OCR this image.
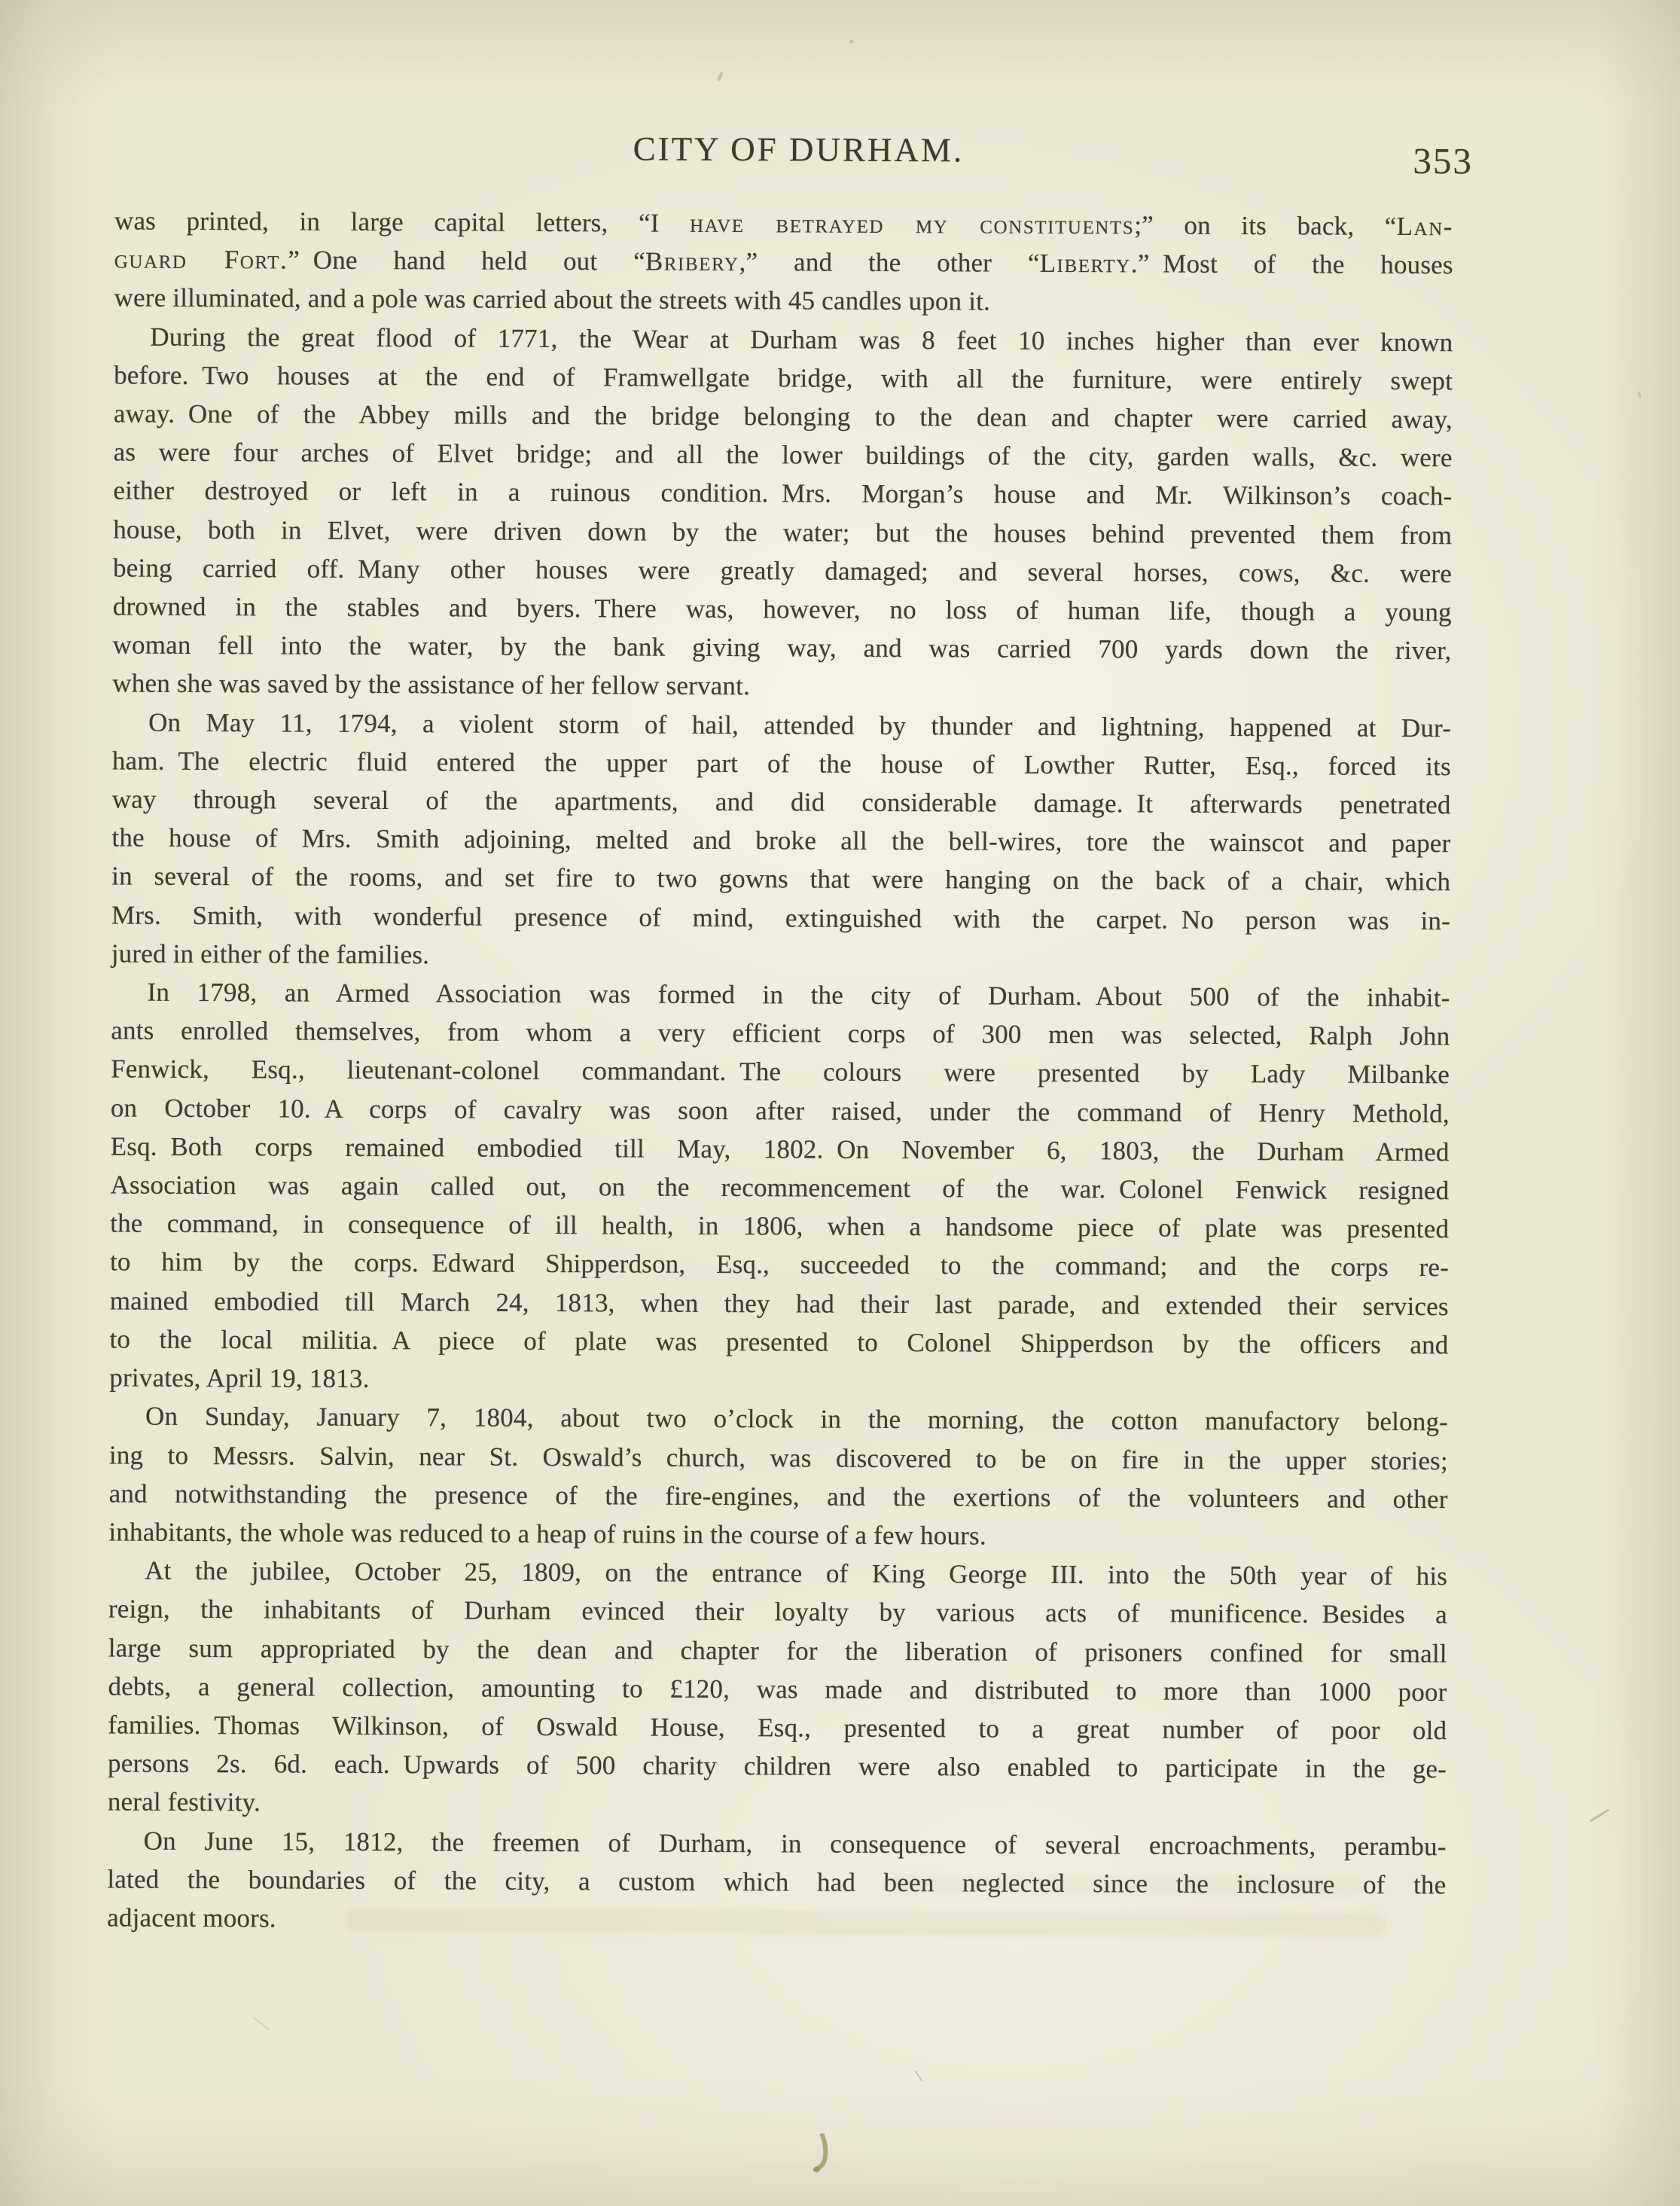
CITY OF DURHAM.	353
was printed, in large capital letters, “I have betrayed my constituents;” on its back, “Lan-
guard Fort.” One hand held out “Bribery,” and the other “Liberty.” Most of the houses
were illuminated, and a pole was carried about the streets with 45 candles upon it.
During the great flood of 1771, the Wear at Durham was 8 feet 10 inches higher than ever known
before. Two houses at the end of Framwellgate bridge, with all the furniture, were entirely swept
away. One of the Abbey mills and the bridge belonging to the dean and chapter were carried away,
as were four arches of Elvet bridge; and all the lower buildings of the city, garden walls, &c. were
either destroyed or left in a ruinous condition. Mrs. Morgan’s house and Mr. Wilkinson’s coach-
house, both in Elvet, were driven down by the water; but the houses behind prevented them from
being carried off. Many other houses were greatly damaged; and several horses, cows, &c. were
drowned in the stables and byers. There was, however, no loss of human life, though a young
woman fell into the water, by the bank giving way, and was carried 700 yards down the river,
when she was saved by the assistance of her fellow servant.
On May 11, 1794, a violent storm of hail, attended by thunder and lightning, happened at Dur-
ham. The electric fluid entered the upper part of the house of Lowther Rutter, Esq., forced its
way through several of the apartments, and did considerable damage. It afterwards penetrated
the house of Mrs. Smith adjoining, melted and broke all the bell-wires, tore the wainscot and paper
in several of the rooms, and set fire to two gowns that were hanging on the back of a chair, which
Mrs. Smith, with wonderful presence of mind, extinguished with the carpet. No person was in-
jured in either of the families.
In 1798, an Armed Association was formed in the city of Durham. About 500 of the inhabit-
ants enrolled themselves, from whom a very efficient corps of 300 men was selected, Ralph John
Fenwick, Esq., lieutenant-colonel commandant. The colours were presented by Lady Milbanke
on October 10. A corps of cavalry was soon after raised, under the command of Henry Methold,
Esq. Both corps remained embodied till May, 1802. On November 6, 1803, the Durham Armed
Association was again called out, on the recommencement of the war. Colonel Fenwick resigned
the command, in consequence of ill health, in 1806, when a handsome piece of plate was presented
to him by the corps. Edward Shipperdson, Esq., succeeded to the command; and the corps re-
mained embodied till March 24, 1813, when they had their last parade, and extended their services
to the local militia. A piece of plate was presented to Colonel Shipperdson by the officers and
privates, April 19, 1813.
On Sunday, January 7, 1804, about two o’clock in the morning, the cotton manufactory belong-
ing to Messrs. Salvin, near St. Oswald’s church, was discovered to be on fire in the upper stories;
and notwithstanding the presence of the fire-engines, and the exertions of the volunteers and other
inhabitants, the whole was reduced to a heap of ruins in the course of a few hours.
At the jubilee, October 25, 1809, on the entrance of King George III. into the 50th year of his
reign, the inhabitants of Durham evinced their loyalty by various acts of munificence. Besides a
large sum appropriated by the dean and chapter for the liberation of prisoners confined for small
debts, a general collection, amounting to £120, was made and distributed to more than 1000 poor
families. Thomas Wilkinson, of Oswald House, Esq., presented to a great number of poor old
persons 2s. 6d. each. Upwards of 500 charity children were also enabled to participate in the ge-
neral festivity.
On June 15, 1812, the freemen of Durham, in consequence of several encroachments, perambu-
lated the boundaries of the city, a custom which had been neglected since the inclosure of the
adjacent moors.
